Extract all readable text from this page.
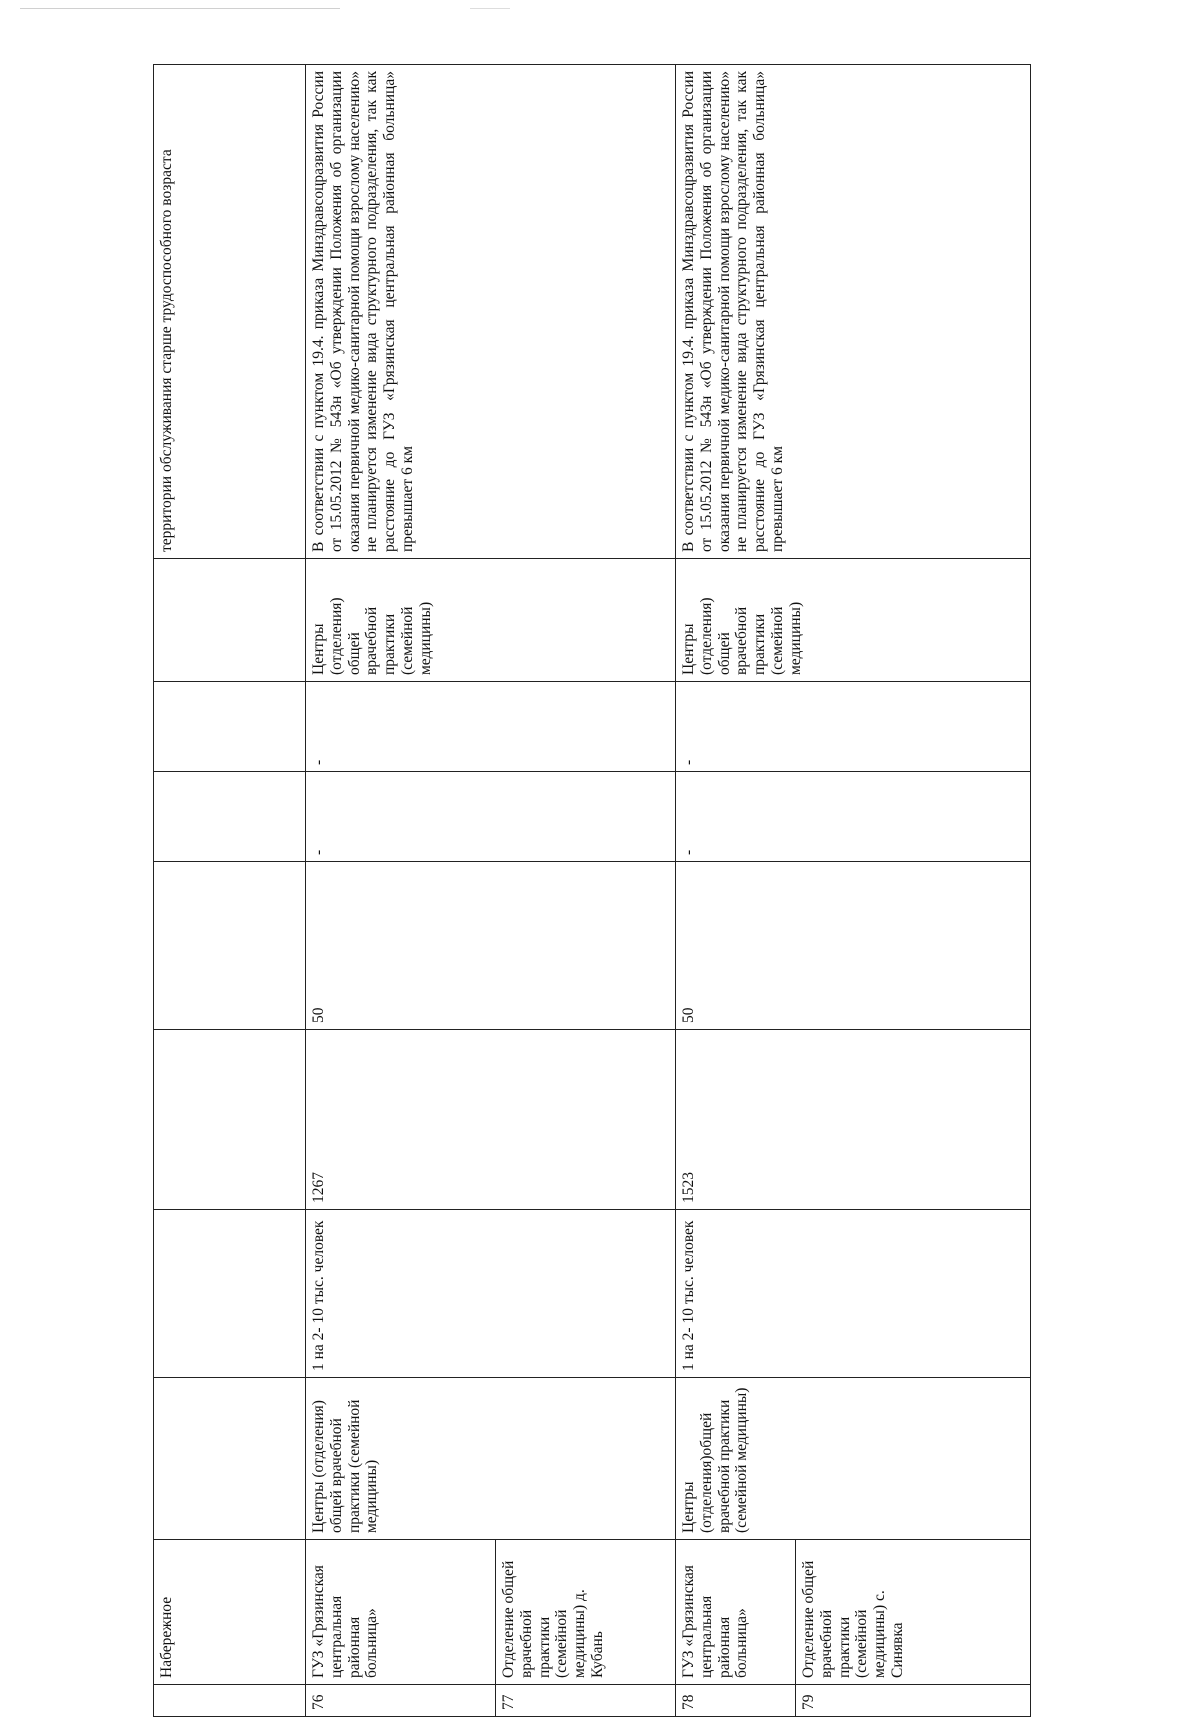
	Набережное								территории обслуживания старше трудоспособного возраста
76	ГУЗ «Грязинская центральная районная больница»	Центры (отделения) общей врачебной практики (семейной медицины)	1 на 2- 10 тыс. человек	1267	50	-	-	Центры (отделения) общей врачебной практики (семейной медицины)	В соответствии с пунктом 19.4. приказа Минздравсоцразвития России от 15.05.2012 № 543н «Об утверждении Положения об организации оказания первичной медико-санитарной помощи взрослому населению» не планируется изменение вида структурного подразделения, так как расстояние до ГУЗ «Грязинская центральная районная больница» превышает 6 км
77	Отделение общей врачебной практики (семейной медицины) д. Кубань								
78	ГУЗ «Грязинская центральная районная больница»	Центры (отделения)общей врачебной практики (семейной медицины)	1 на 2- 10 тыс. человек	1523	50	-	-	Центры (отделения) общей врачебной практики (семейной медицины)	В соответствии с пунктом 19.4. приказа Минздравсоцразвития России от 15.05.2012 № 543н «Об утверждении Положения об организации оказания первичной медико-санитарной помощи взрослому населению» не планируется изменение вида структурного подразделения, так как расстояние до ГУЗ «Грязинская центральная районная больница» превышает 6 км
79	Отделение общей врачебной практики (семейной медицины) с. Синявка								
